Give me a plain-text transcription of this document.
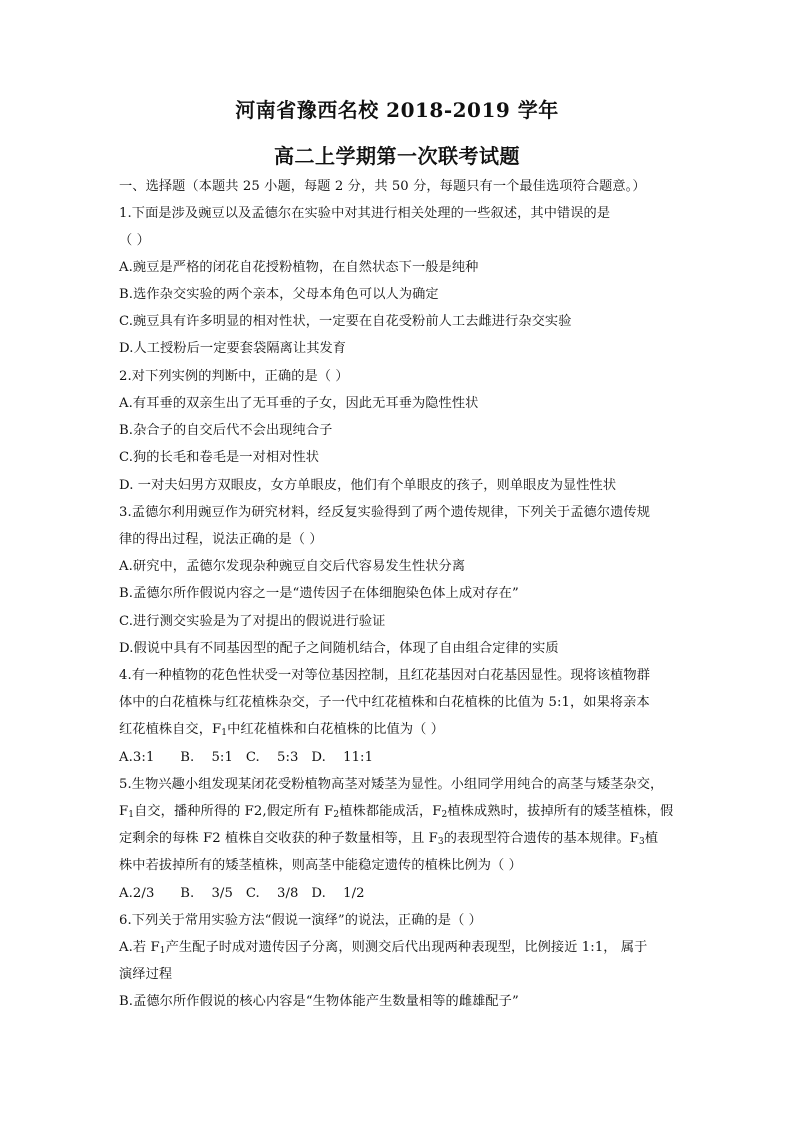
河南省豫西名校 2018-2019 学年
高二上学期第一次联考试题
一、选择题（本题共 25 小题，每题 2 分，共 50 分，每题只有一个最佳选项符合题意。）
1.下面是涉及豌豆以及孟德尔在实验中对其进行相关处理的一些叙述，其中错误的是
（ ）
A.豌豆是严格的闭花自花授粉植物，在自然状态下一般是纯种
B.选作杂交实验的两个亲本，父母本角色可以人为确定
C.豌豆具有许多明显的相对性状，一定要在自花受粉前人工去雌进行杂交实验
D.人工授粉后一定要套袋隔离让其发育
2.对下列实例的判断中，正确的是（ ）
A.有耳垂的双亲生出了无耳垂的子女，因此无耳垂为隐性性状
B.杂合子的自交后代不会出现纯合子
C.狗的长毛和卷毛是一对相对性状
D. 一对夫妇男方双眼皮，女方单眼皮，他们有个单眼皮的孩子，则单眼皮为显性性状
3.孟德尔利用豌豆作为研究材料，经反复实验得到了两个遗传规律，下列关于孟德尔遗传规
律的得出过程，说法正确的是（ ）
A.研究中，孟德尔发现杂种豌豆自交后代容易发生性状分离
B.孟德尔所作假说内容之一是“遗传因子在体细胞染色体上成对存在”
C.进行测交实验是为了对提出的假说进行验证
D.假说中具有不同基因型的配子之间随机结合，体现了自由组合定律的实质
4.有一种植物的花色性状受一对等位基因控制，且红花基因对白花基因显性。现将该植物群
体中的白花植株与红花植株杂交，子一代中红花植株和白花植株的比值为 5:1，如果将亲本
红花植株自交，$F_1$中红花植株和白花植株的比值为（ ）
A.3:1      B.    5:1   C.    5:3   D.    11:1
5.生物兴趣小组发现某闭花受粉植物高茎对矮茎为显性。小组同学用纯合的高茎与矮茎杂交，
$F_1$自交，播种所得的 F2,假定所有 $F_2$植株都能成活，$F_2$植株成熟时，拔掉所有的矮茎植株，假
定剩余的每株 F2 植株自交收获的种子数量相等，且 $F_3$的表现型符合遗传的基本规律。$F_3$植
株中若拔掉所有的矮茎植株，则高茎中能稳定遗传的植株比例为（ ）
A.2/3      B.    3/5   C.    3/8   D.    1/2
6.下列关于常用实验方法“假说一演绎”的说法，正确的是（ ）
A.若 $F_1$产生配子时成对遗传因子分离，则测交后代出现两种表现型，比例接近 1:1， 属于
演绎过程
B.孟德尔所作假说的核心内容是“生物体能产生数量相等的雌雄配子”
